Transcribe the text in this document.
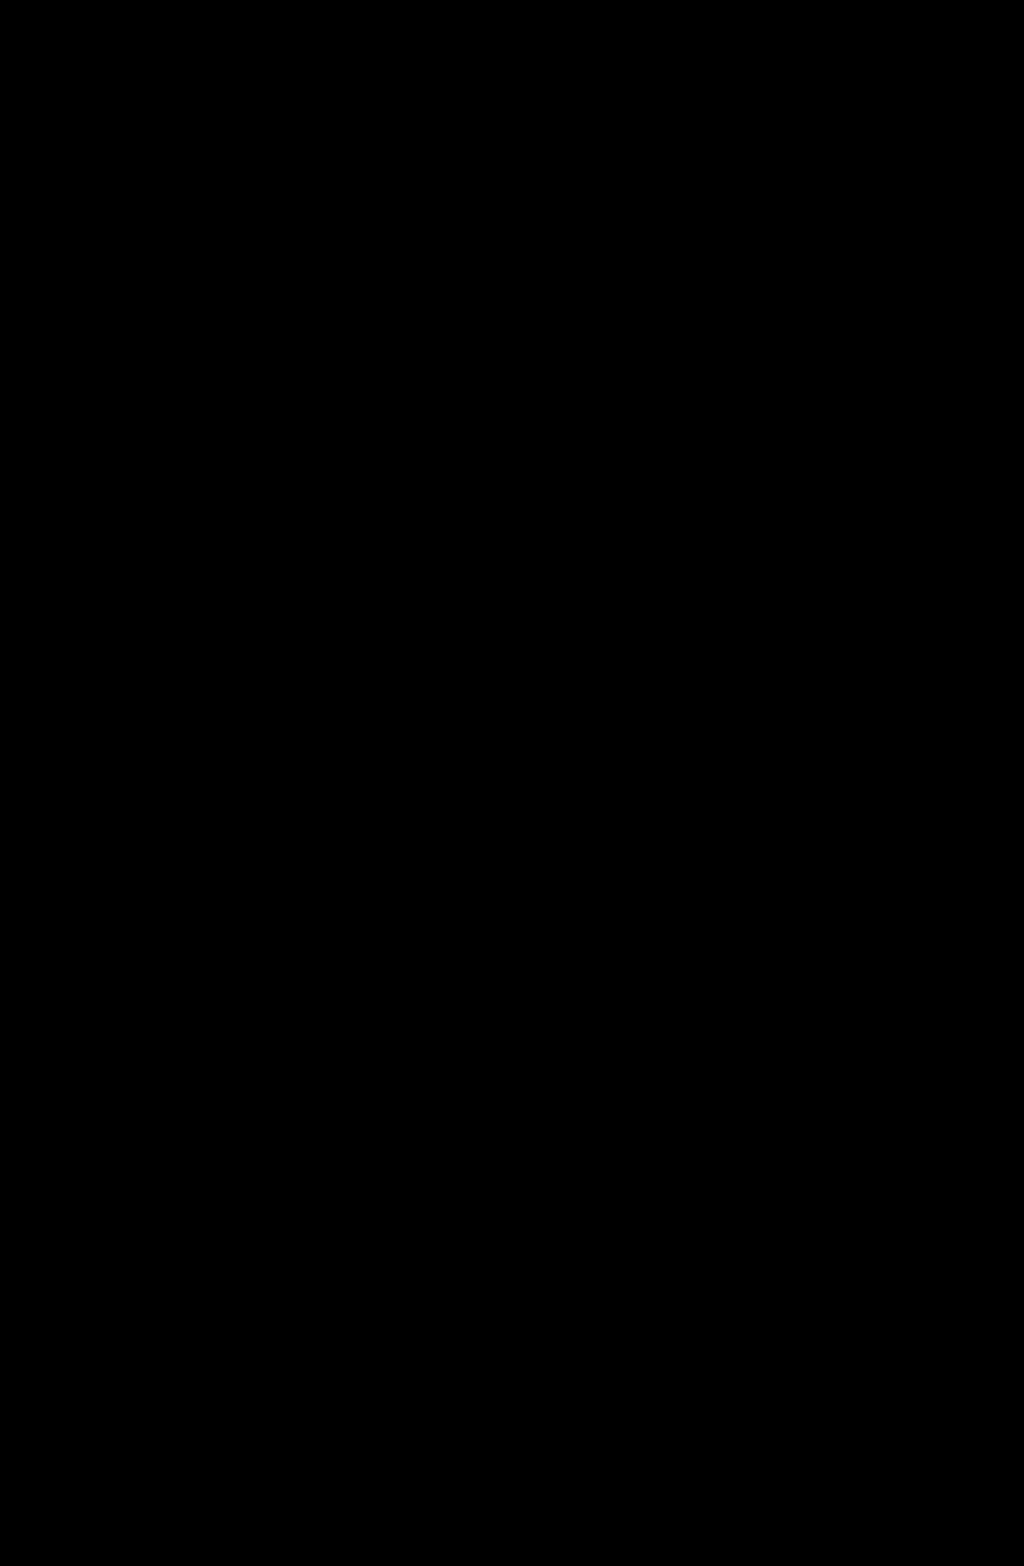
οποίο ζει. Αν θέλουμε λοιπόν να κατανοήσουμε καλύτερα το «γιατί» της συμπεριφοράς
των ατόμων, χρειάζεται κάποιος να μελετήσει τα χαρακτηριστικά του περιβάλλοντος
που ζει και κινείται το άτομο και, το πιο σημαντικό, το αν και κατά πόσο επηρεάζεται
το άτομο από τα στοιχεία του περιβάλλοντος στην υιοθέτηση των προσωπικών του
στόχων (Digelidis, 1996).
Η κινητήρια έννοια του κλίματος παρακίνησης εισήχθη από την Ames (1992)
για να υποδείξει τις διαφορετικές ατμόσφαιρες που δημιουργούνται από τους
ενηλίκους στα περιβάλλοντα παρακίνησης. Η μελέτη από την Ames (1992) και τους
συνεργάτες της, καθώς επίσης και ο Weigand (2001). σε μια άλλη έρευνα,
εστιάστηκαν κυρίως στο σχολικό περιβάλλον και ανέλυσαν τα στοιχεία που
αποτέλεσαν το κινητήριο κλίμα και τον τρόπο με τον οποίο αυτά τα στοιχεία μπορούν
να χρησιμοποιηθούν για να δημιουργήσουν, υπό τους όρους της Ames, είτε ένα κλίμα
μάθησης στο οποίο οι δάσκαλοι διαβιβάζουν στους μαθητές ότι ο σημαντικός στόχος
είναι να μαθευτούν, να προχωρήσουν, και να επιτευχθούν οι προσωπικοί στόχοι μέσω
της εργασίας και της προσπάθειας, ή ένα κλίμα της ανταγωνιστικότητας, στους οποίους
η κοινωνική σύγκριση, ο διαπροσωπικός ανταγωνισμός, και το τελικό αποτέλεσμα
δίνουν έμφαση στον καθορισμό μιας πραγματοποιημένης επιτυχίας. Οι δάσκαλοι, οι
προπονητές, και οι γονείς δημιουργούν το ψυχολογικό κλίμα στο οποίο τα κριτήρια
που έχουν, για το πιο πράγμα αποτελεί την επιτυχία και την αποτυχία είναι αντιληπτό.
Πρέπει να αναφερθεί εδώ ότι ο ρόλος των δασκάλων στη καλλιέργεια του
προσανατολισμού στόχου των μαθητών είναι σημαντικός (Weigand, 2001).
Τα στοιχεία που αποτελούν αυτό το κλίμα είναι: ο τρόπος που χρησιμοποιούνται τα
συστήματα ανταμοιβής, ο τρόπος που σχεδιάζεται η πρακτική, ο τρόπος που
ομαδοποιούνται τα θέματα, και ο τρόπος που οι σημαντικοί άλλοι αξιολογούν την
απόδοση.
Στα πλαίσια της ΦΑ, μερικές μελέτες έχουν καταδείξει ότι το κινητήριο κλίμα που
προωθεί τον προσανατολισμό προς την μάθηση στις τάξεις της ΦΑ, ευνοεί
περισσότερα προσαρμοστικά κινητήρια πρότυπα στους μαθητές, ενώ κλίμα
προσανατολισμένο προς το εγώ, την ανταγωνιστικότητα προωθεί λιγότερα
προσαρμοστικά κινητήρια πρότυπα (Kavussanu & Roberts, 1996 Roberts, 1992).
Στην μελέτη όμως των Digelidis N., Papaioannou A., Laparidis K., Christodoulidis T.,
2001), η αντίληψη των μαθητών για έμφαση του καθηγητή φυσικής αγωγής στη
μάθηση ως προς την συμμετοχή, ήταν λιγότερο από το ποσοστό του 28% της διαφοράς
17
